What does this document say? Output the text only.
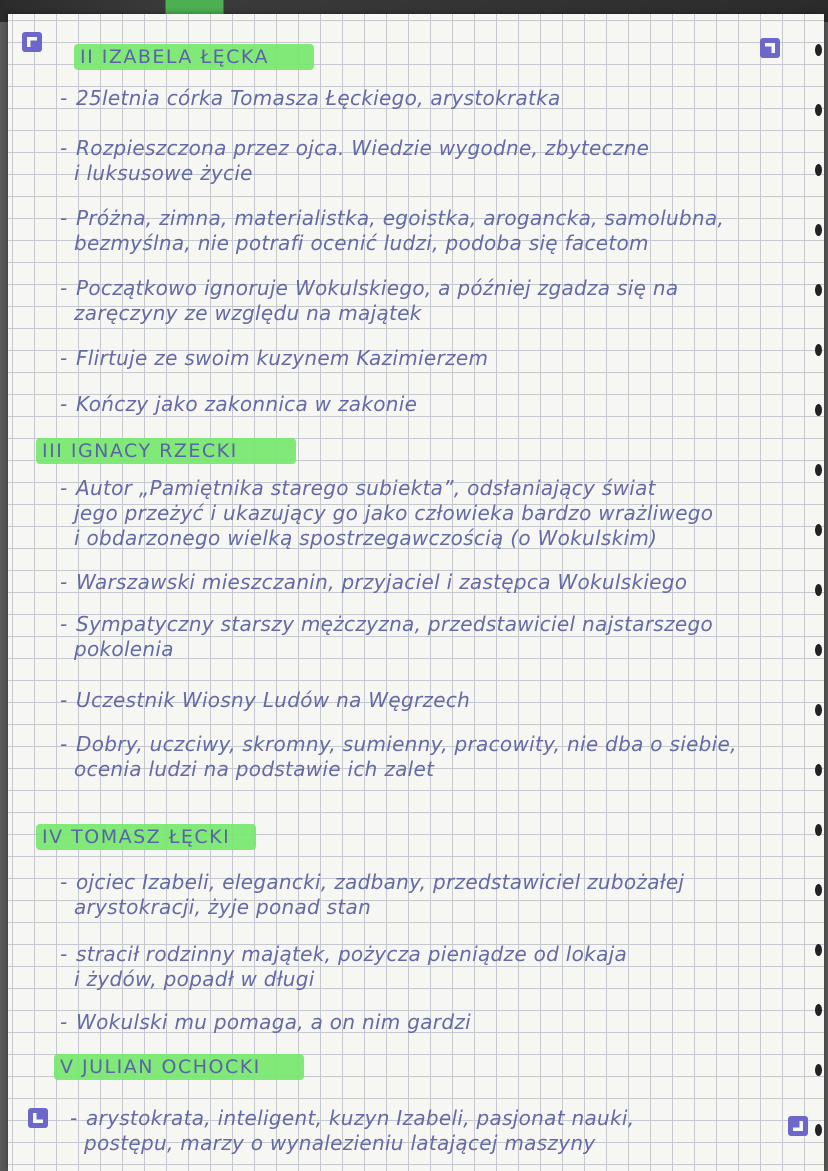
II IZABELA ŁĘCKA
- 25letnia córka Tomasza Łęckiego, arystokratka
- Rozpieszczona przez ojca. Wiedzie wygodne, zbyteczne
i luksusowe życie
- Próżna, zimna, materialistka, egoistka, arogancka, samolubna,
bezmyślna, nie potrafi ocenić ludzi, podoba się facetom
- Początkowo ignoruje Wokulskiego, a później zgadza się na
zaręczyny ze względu na majątek
- Flirtuje ze swoim kuzynem Kazimierzem
- Kończy jako zakonnica w zakonie
III IGNACY RZECKI
- Autor „Pamiętnika starego subiekta”, odsłaniający świat
jego przeżyć i ukazujący go jako człowieka bardzo wrażliwego
i obdarzonego wielką spostrzegawczością (o Wokulskim)
- Warszawski mieszczanin, przyjaciel i zastępca Wokulskiego
- Sympatyczny starszy mężczyzna, przedstawiciel najstarszego
pokolenia
- Uczestnik Wiosny Ludów na Węgrzech
- Dobry, uczciwy, skromny, sumienny, pracowity, nie dba o siebie,
ocenia ludzi na podstawie ich zalet
IV TOMASZ ŁĘCKI
- ojciec Izabeli, elegancki, zadbany, przedstawiciel zubożałej
arystokracji, żyje ponad stan
- stracił rodzinny majątek, pożycza pieniądze od lokaja
i żydów, popadł w długi
- Wokulski mu pomaga, a on nim gardzi
V JULIAN OCHOCKI
- arystokrata, inteligent, kuzyn Izabeli, pasjonat nauki,
postępu, marzy o wynalezieniu latającej maszyny
